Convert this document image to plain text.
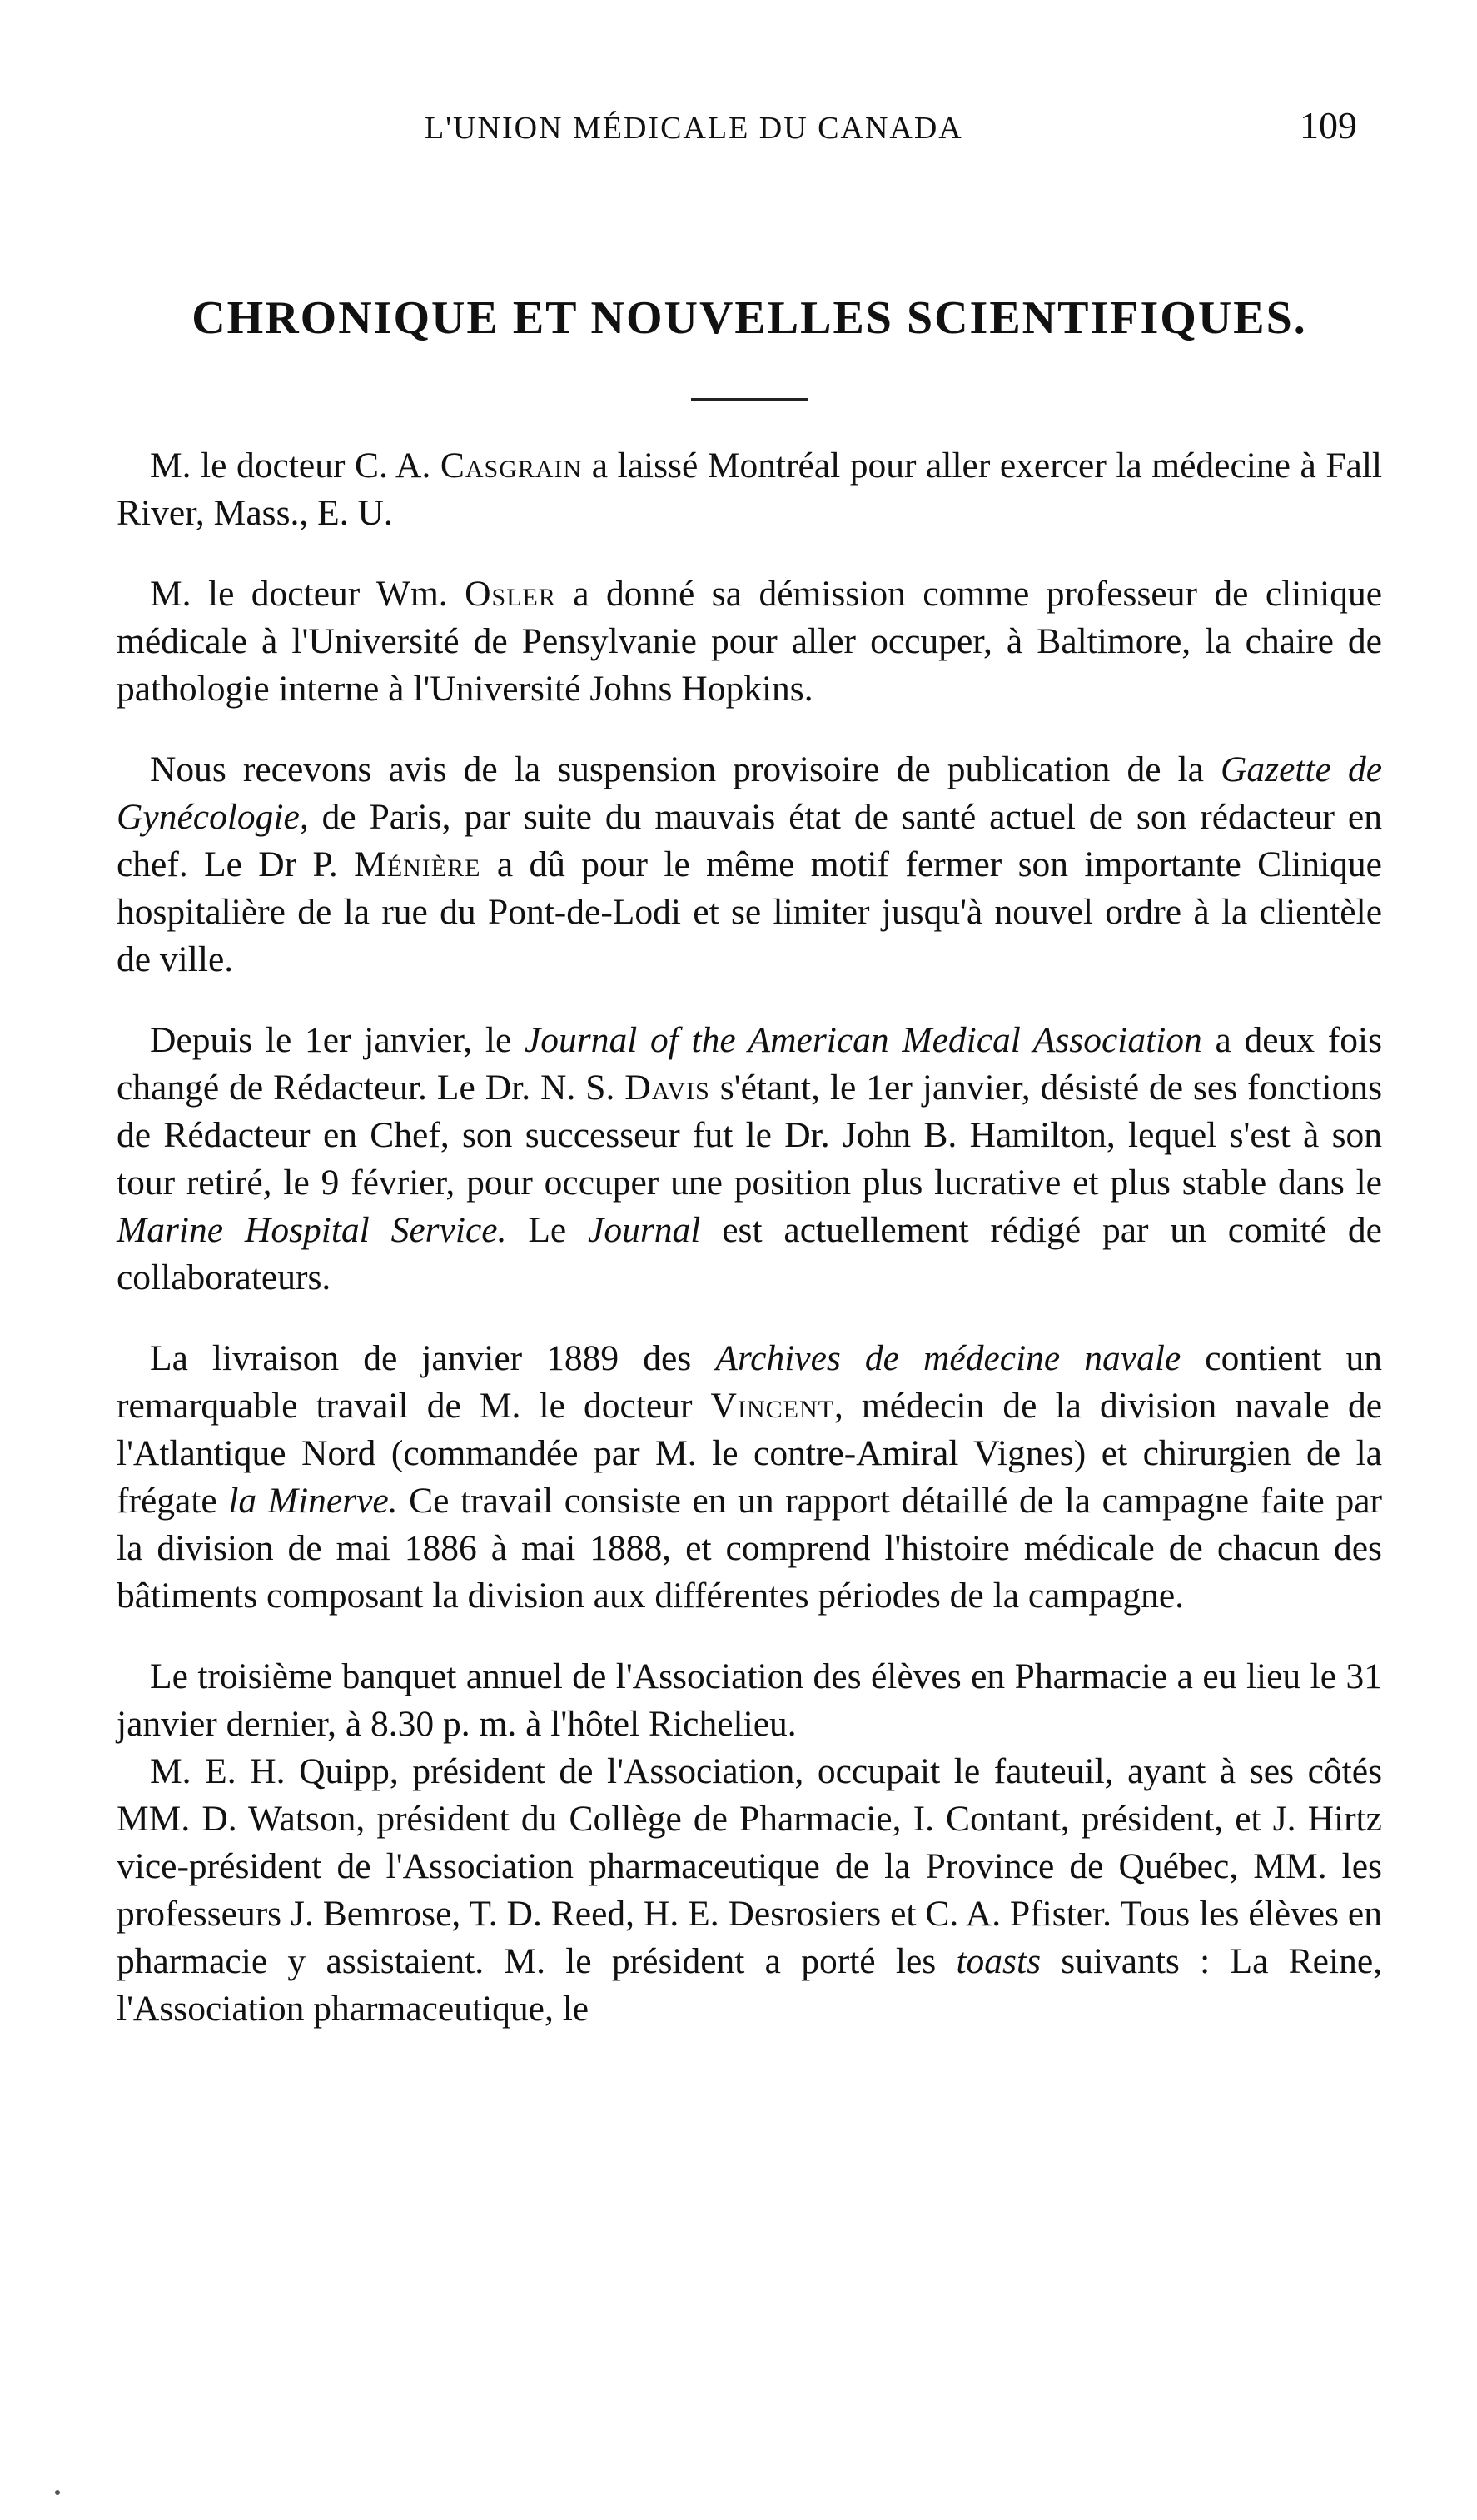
L'UNION MÉDICALE DU CANADA	109
CHRONIQUE ET NOUVELLES SCIENTIFIQUES.

M. le docteur C. A. Casgrain a laissé Montréal pour aller exercer la médecine à Fall River, Mass., E. U.

M. le docteur Wm. Osler a donné sa démission comme professeur de clinique médicale à l'Université de Pensylvanie pour aller occuper, à Baltimore, la chaire de pathologie interne à l'Université Johns Hopkins.

Nous recevons avis de la suspension provisoire de publication de la Gazette de Gynécologie, de Paris, par suite du mauvais état de santé actuel de son rédacteur en chef. Le Dr P. Ménière a dû pour le même motif fermer son importante Clinique hospitalière de la rue du Pont-de-Lodi et se limiter jusqu'à nouvel ordre à la clientèle de ville.

Depuis le 1er janvier, le Journal of the American Medical Association a deux fois changé de Rédacteur. Le Dr. N. S. Davis s'étant, le 1er janvier, désisté de ses fonctions de Rédacteur en Chef, son successeur fut le Dr. John B. Hamilton, lequel s'est à son tour retiré, le 9 février, pour occuper une position plus lucrative et plus stable dans le Marine Hospital Service. Le Journal est actuellement rédigé par un comité de collaborateurs.

La livraison de janvier 1889 des Archives de médecine navale contient un remarquable travail de M. le docteur Vincent, médecin de la division navale de l'Atlantique Nord (commandée par M. le contre-Amiral Vignes) et chirurgien de la frégate la Minerve. Ce travail consiste en un rapport détaillé de la campagne faite par la division de mai 1886 à mai 1888, et comprend l'histoire médicale de chacun des bâtiments composant la division aux différentes périodes de la campagne.

Le troisième banquet annuel de l'Association des élèves en Pharmacie a eu lieu le 31 janvier dernier, à 8.30 p. m. à l'hôtel Richelieu.

M. E. H. Quipp, président de l'Association, occupait le fauteuil, ayant à ses côtés MM. D. Watson, président du Collège de Pharmacie, I. Contant, président, et J. Hirtz vice-président de l'Association pharmaceutique de la Province de Québec, MM. les professeurs J. Bemrose, T. D. Reed, H. E. Desrosiers et C. A. Pfister. Tous les élèves en pharmacie y assistaient. M. le président a porté les toasts suivants : La Reine, l'Association pharmaceutique, le
